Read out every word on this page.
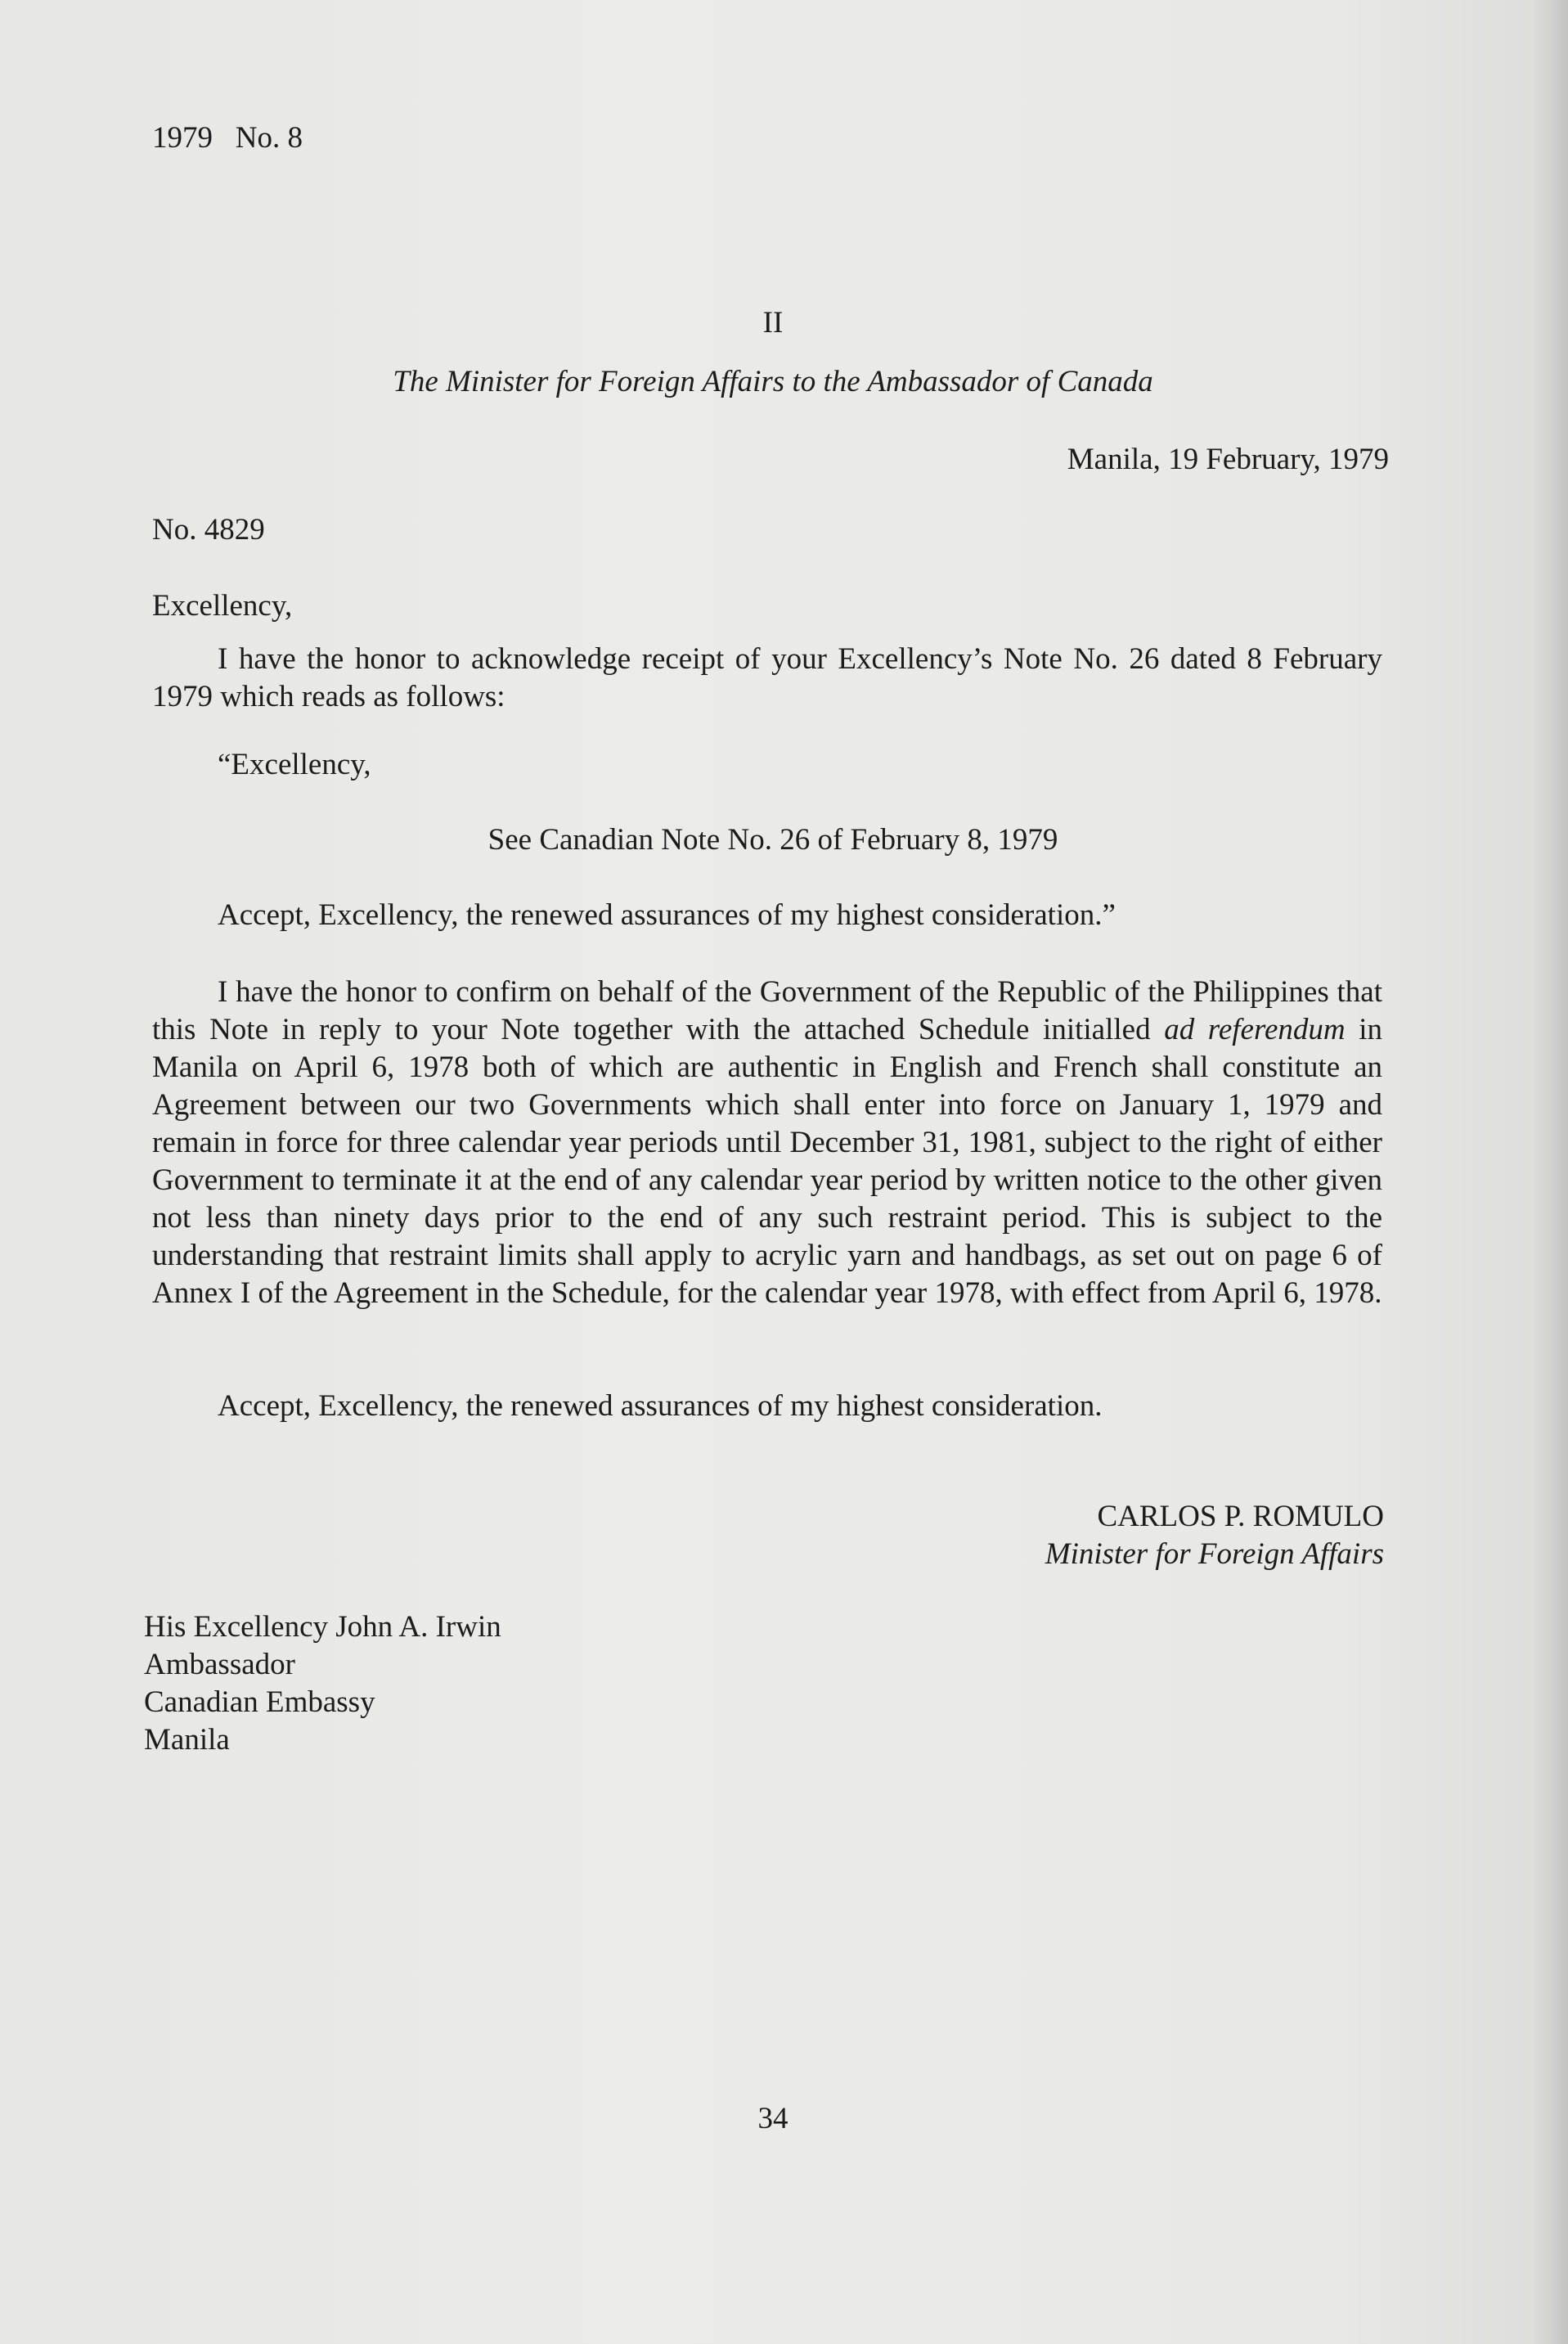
1979   No. 8
II
The Minister for Foreign Affairs to the Ambassador of Canada
Manila, 19 February, 1979
No. 4829
Excellency,
I have the honor to acknowledge receipt of your Excellency’s Note No. 26 dated 8 February 1979 which reads as follows:
“Excellency,
See Canadian Note No. 26 of February 8, 1979
Accept, Excellency, the renewed assurances of my highest consideration.”
I have the honor to confirm on behalf of the Government of the Republic of the Philippines that this Note in reply to your Note together with the attached Schedule initialled ad referendum in Manila on April 6, 1978 both of which are authentic in English and French shall constitute an Agreement between our two Governments which shall enter into force on January 1, 1979 and remain in force for three calendar year periods until December 31, 1981, subject to the right of either Government to terminate it at the end of any calendar year period by written notice to the other given not less than ninety days prior to the end of any such restraint period. This is subject to the understanding that restraint limits shall apply to acrylic yarn and handbags, as set out on page 6 of Annex I of the Agreement in the Schedule, for the calendar year 1978, with effect from April 6, 1978.
Accept, Excellency, the renewed assurances of my highest consideration.
CARLOS P. ROMULO
Minister for Foreign Affairs
His Excellency John A. Irwin
Ambassador
Canadian Embassy
Manila
34
